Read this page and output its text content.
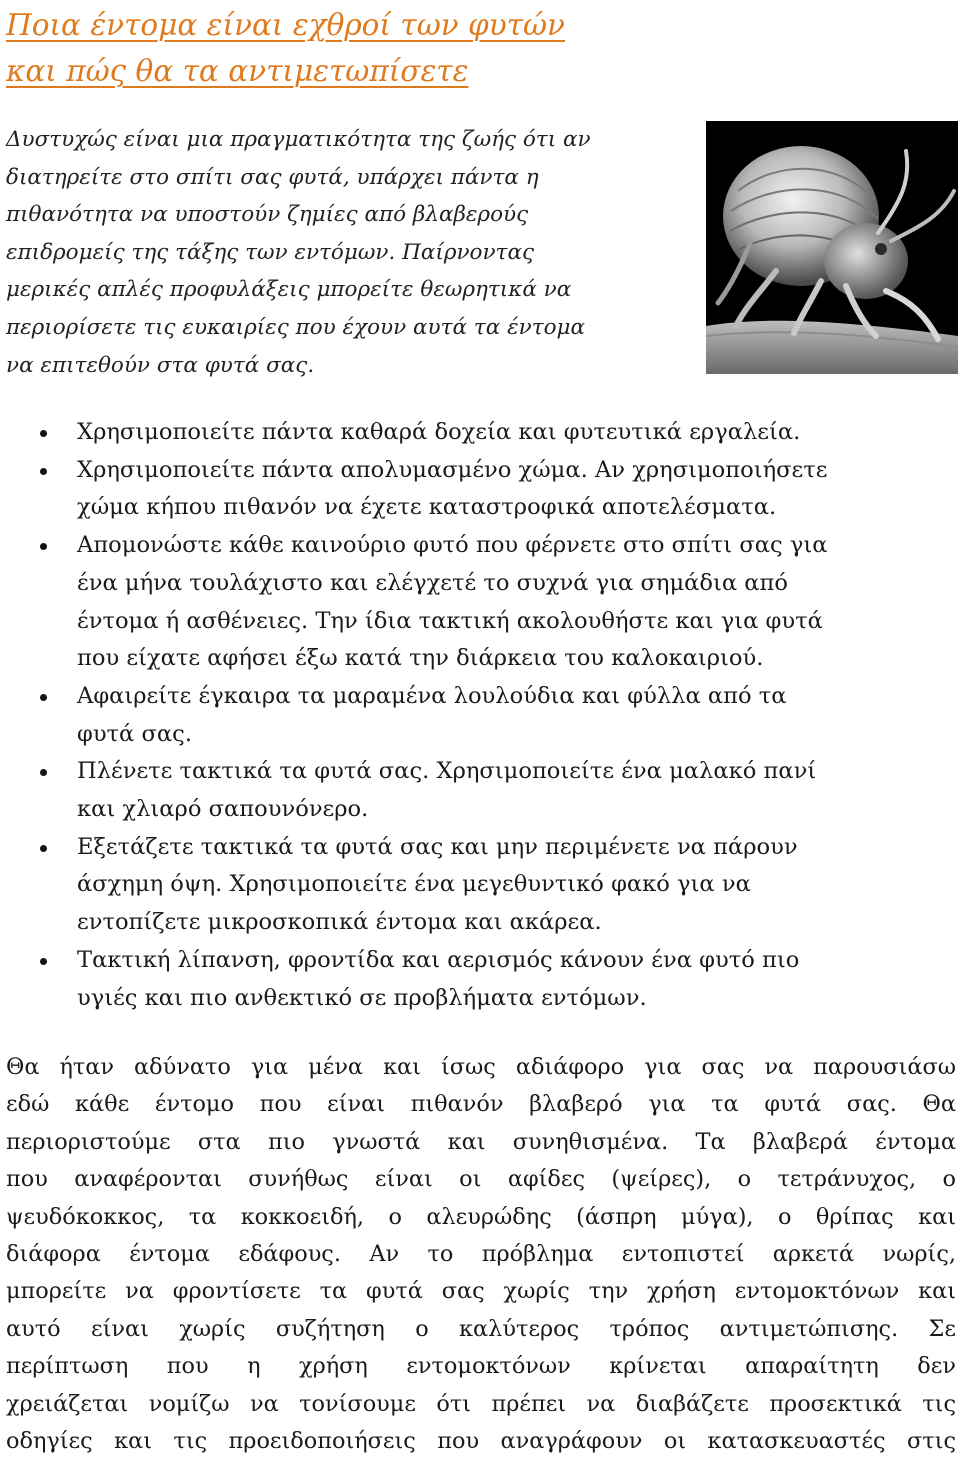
Ποια έντομα είναι εχθροί των φυτών
και πώς θα τα αντιμετωπίσετε

Δυστυχώς είναι μια πραγματικότητα της ζωής ότι αν
διατηρείτε στο σπίτι σας φυτά, υπάρχει πάντα η
πιθανότητα να υποστούν ζημίες από βλαβερούς
επιδρομείς της τάξης των εντόμων. Παίρνοντας
μερικές απλές προφυλάξεις μπορείτε θεωρητικά να
περιορίσετε τις ευκαιρίες που έχουν αυτά τα έντομα
να επιτεθούν στα φυτά σας.

Χρησιμοποιείτε πάντα καθαρά δοχεία και φυτευτικά εργαλεία.
Χρησιμοποιείτε πάντα απολυμασμένο χώμα. Αν χρησιμοποιήσετε
χώμα κήπου πιθανόν να έχετε καταστροφικά αποτελέσματα.
Απομονώστε κάθε καινούριο φυτό που φέρνετε στο σπίτι σας για
ένα μήνα τουλάχιστο και ελέγχετέ το συχνά για σημάδια από
έντομα ή ασθένειες. Την ίδια τακτική ακολουθήστε και για φυτά
που είχατε αφήσει έξω κατά την διάρκεια του καλοκαιριού.
Αφαιρείτε έγκαιρα τα μαραμένα λουλούδια και φύλλα από τα
φυτά σας.
Πλένετε τακτικά τα φυτά σας. Χρησιμοποιείτε ένα μαλακό πανί
και χλιαρό σαπουνόνερο.
Εξετάζετε τακτικά τα φυτά σας και μην περιμένετε να πάρουν
άσχημη όψη. Χρησιμοποιείτε ένα μεγεθυντικό φακό για να
εντοπίζετε μικροσκοπικά έντομα και ακάρεα.
Τακτική λίπανση, φροντίδα και αερισμός κάνουν ένα φυτό πιο
υγιές και πιο ανθεκτικό σε προβλήματα εντόμων.

Θα ήταν αδύνατο για μένα και ίσως αδιάφορο για σας να παρουσιάσω
εδώ κάθε έντομο που είναι πιθανόν βλαβερό για τα φυτά σας. Θα
περιοριστούμε στα πιο γνωστά και συνηθισμένα. Τα βλαβερά έντομα
που αναφέρονται συνήθως είναι οι αφίδες (ψείρες), ο τετράνυχος, ο
ψευδόκοκκος, τα κοκκοειδή, ο αλευρώδης (άσπρη μύγα), ο θρίπας και
διάφορα έντομα εδάφους. Αν το πρόβλημα εντοπιστεί αρκετά νωρίς,
μπορείτε να φροντίσετε τα φυτά σας χωρίς την χρήση εντομοκτόνων και
αυτό είναι χωρίς συζήτηση ο καλύτερος τρόπος αντιμετώπισης. Σε
περίπτωση που η χρήση εντομοκτόνων κρίνεται απαραίτητη δεν
χρειάζεται νομίζω να τονίσουμε ότι πρέπει να διαβάζετε προσεκτικά τις
οδηγίες και τις προειδοποιήσεις που αναγράφουν οι κατασκευαστές στις
